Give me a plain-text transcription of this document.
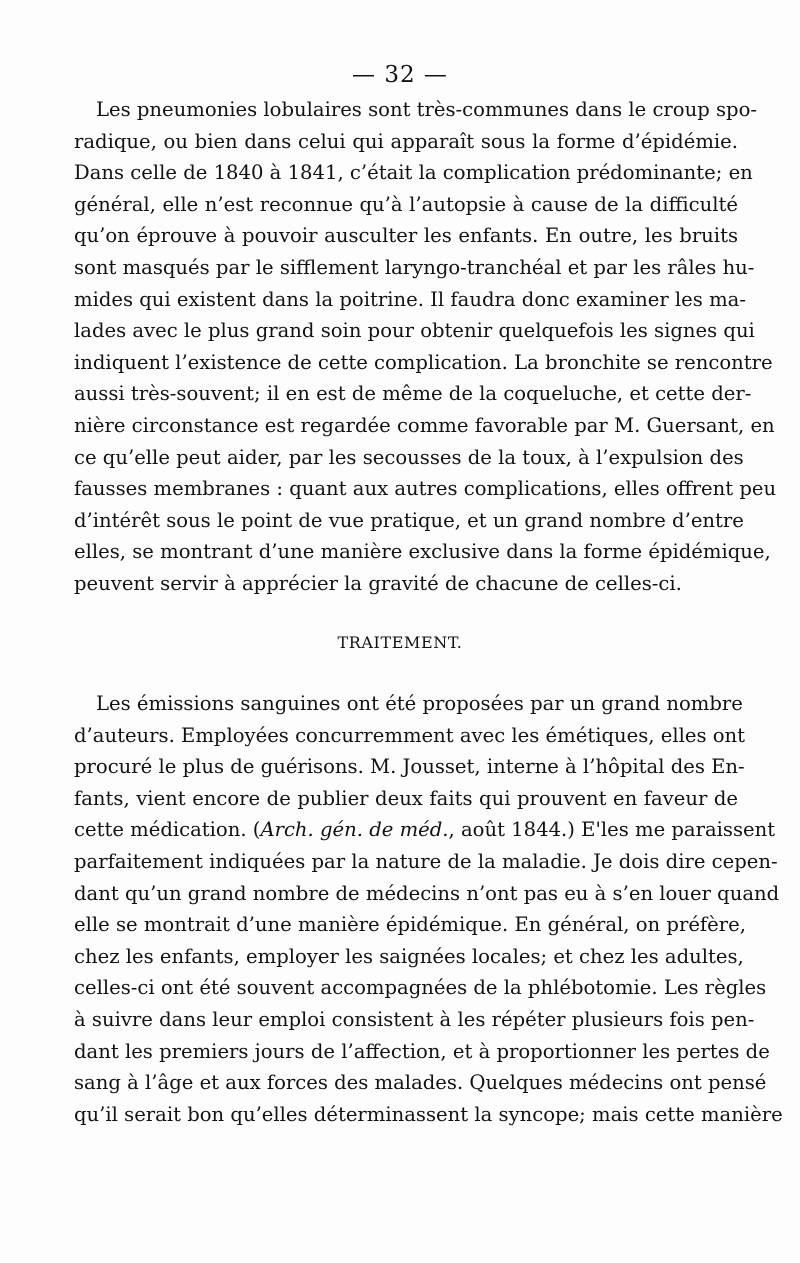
— 32 —
Les pneumonies lobulaires sont très-communes dans le croup spo-
radique, ou bien dans celui qui apparaît sous la forme d’épidémie.
Dans celle de 1840 à 1841, c’était la complication prédominante; en
général, elle n’est reconnue qu’à l’autopsie à cause de la difficulté
qu’on éprouve à pouvoir ausculter les enfants. En outre, les bruits
sont masqués par le sifflement laryngo-tranchéal et par les râles hu-
mides qui existent dans la poitrine. Il faudra donc examiner les ma-
lades avec le plus grand soin pour obtenir quelquefois les signes qui
indiquent l’existence de cette complication. La bronchite se rencontre
aussi très-souvent; il en est de même de la coqueluche, et cette der-
nière circonstance est regardée comme favorable par M. Guersant, en
ce qu’elle peut aider, par les secousses de la toux, à l’expulsion des
fausses membranes : quant aux autres complications, elles offrent peu
d’intérêt sous le point de vue pratique, et un grand nombre d’entre
elles, se montrant d’une manière exclusive dans la forme épidémique,
peuvent servir à apprécier la gravité de chacune de celles-ci.
TRAITEMENT.
Les émissions sanguines ont été proposées par un grand nombre
d’auteurs. Employées concurremment avec les émétiques, elles ont
procuré le plus de guérisons. M. Jousset, interne à l’hôpital des En-
fants, vient encore de publier deux faits qui prouvent en faveur de
cette médication. (Arch. gén. de méd., août 1844.) E'les me paraissent
parfaitement indiquées par la nature de la maladie. Je dois dire cepen-
dant qu’un grand nombre de médecins n’ont pas eu à s’en louer quand
elle se montrait d’une manière épidémique. En général, on préfère,
chez les enfants, employer les saignées locales; et chez les adultes,
celles-ci ont été souvent accompagnées de la phlébotomie. Les règles
à suivre dans leur emploi consistent à les répéter plusieurs fois pen-
dant les premiers jours de l’affection, et à proportionner les pertes de
sang à l’âge et aux forces des malades. Quelques médecins ont pensé
qu’il serait bon qu’elles déterminassent la syncope; mais cette manière
